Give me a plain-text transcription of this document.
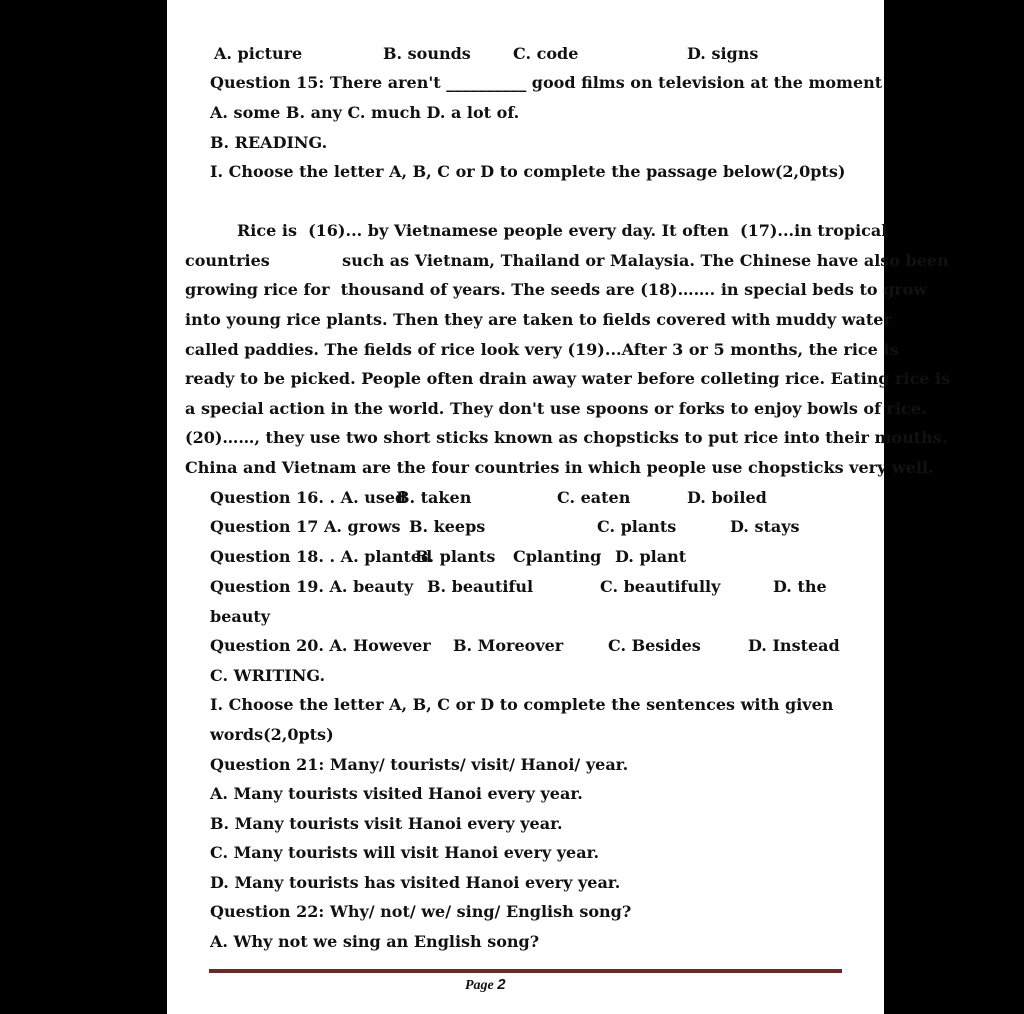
A. picture	B. sounds	C. code	D. signs
Question 15: There aren't __________ good films on television at the moment
A. some B. any C. much D. a lot of.
B. READING.
I. Choose the letter A, B, C or D to complete the passage below(2,0pts)
Rice is  (16)... by Vietnamese people every day. It often  (17)...in tropical
countries             such as Vietnam, Thailand or Malaysia. The Chinese have also been
growing rice for  thousand of years. The seeds are (18)……. in special beds to grow
into young rice plants. Then they are taken to fields covered with muddy water
called paddies. The fields of rice look very (19)...After 3 or 5 months, the rice is
ready to be picked. People often drain away water before colleting rice. Eating rice is
a special action in the world. They don't use spoons or forks to enjoy bowls of rice.
(20)……, they use two short sticks known as chopsticks to put rice into their mouths.
China and Vietnam are the four countries in which people use chopsticks very well.
Question 16. . A. used
B. taken	C. eaten	D. boiled
Question 17 A. grows B. keeps	C. plants	D. stays
Question 18. . A. planted
B. plants Cplanting D. plant
Question 19. A. beauty B. beautiful	C. beautifully	D. the
beauty
Question 20. A. However B. Moreover	C. Besides	D. Instead
C. WRITING.
I. Choose the letter A, B, C or D to complete the sentences with given
words(2,0pts)
Question 21: Many/ tourists/ visit/ Hanoi/ year.
A. Many tourists visited Hanoi every year.
B. Many tourists visit Hanoi every year.
C. Many tourists will visit Hanoi every year.
D. Many tourists has visited Hanoi every year.
Question 22: Why/ not/ we/ sing/ English song?
A. Why not we sing an English song?
Page 2
